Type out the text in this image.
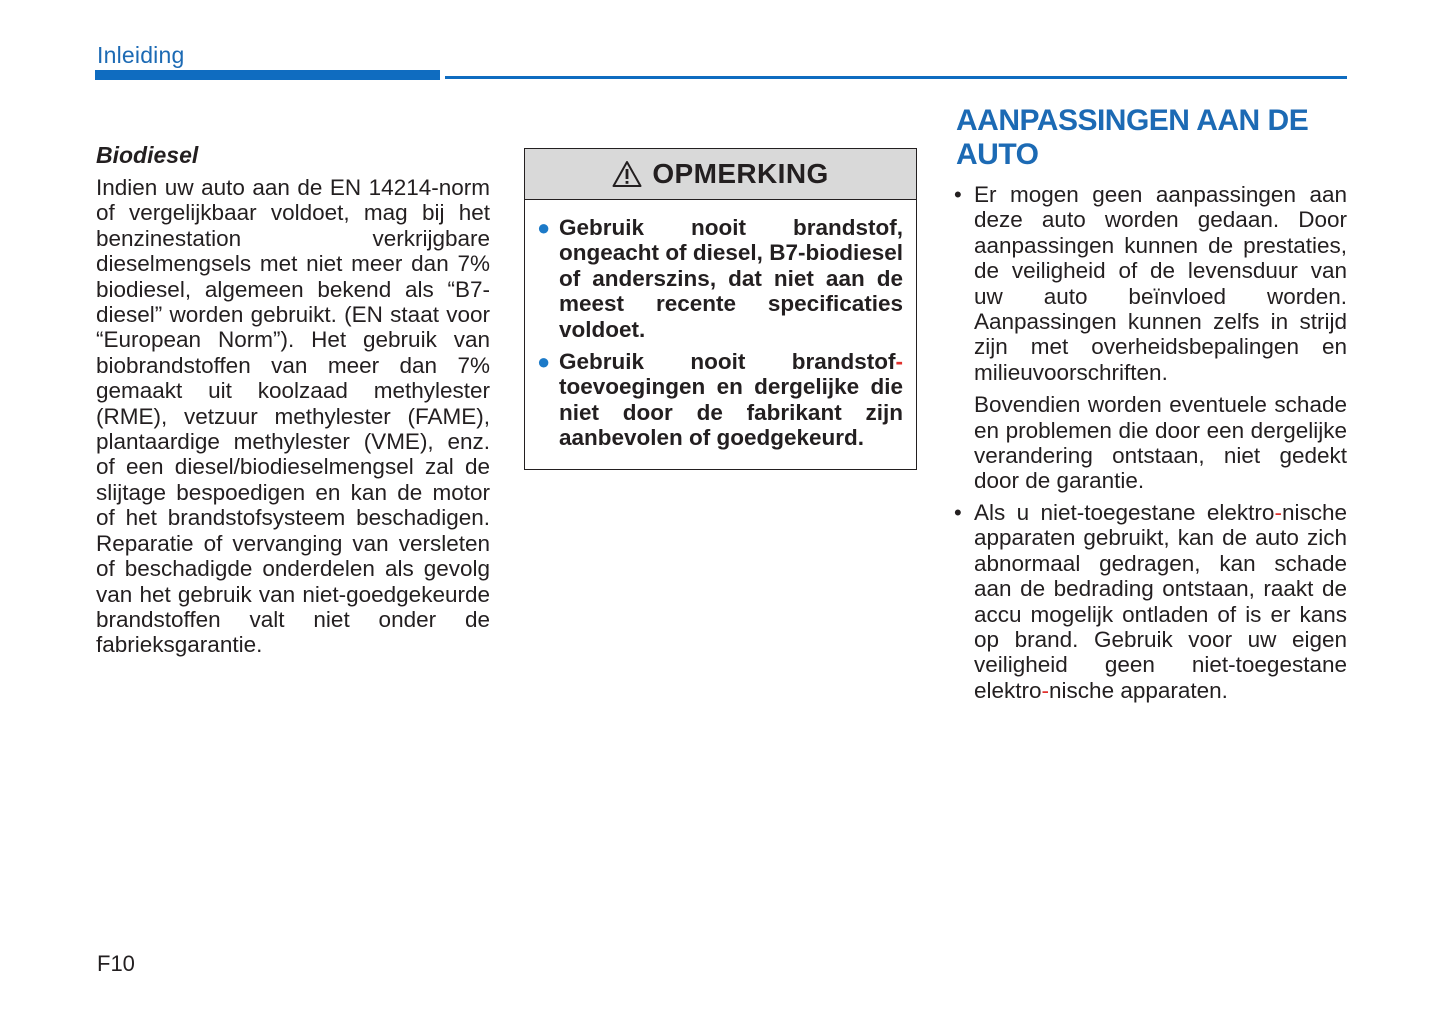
Inleiding

Biodiesel

Indien uw auto aan de EN 14214-norm of vergelijkbaar voldoet, mag bij het benzinestation verkrijgbare dieselmengsels met niet meer dan 7% biodiesel, algemeen bekend als “B7-diesel” worden gebruikt. (EN staat voor “European Norm”). Het gebruik van biobrandstoffen van meer dan 7% gemaakt uit koolzaad methylester (RME), vetzuur methylester (FAME), plantaardige methylester (VME), enz. of een diesel/biodieselmengsel zal de slijtage bespoedigen en kan de motor of het brandstofsysteem beschadigen. Reparatie of vervanging van versleten of beschadigde onderdelen als gevolg van het gebruik van niet-goedgekeurde brandstoffen valt niet onder de fabrieksgarantie.

OPMERKING
● Gebruik nooit brandstof, ongeacht of diesel, B7-biodiesel of anderszins, dat niet aan de meest recente specificaties voldoet.

● Gebruik nooit brandstof-toevoegingen en dergelijke die niet door de fabrikant zijn aanbevolen of goedgekeurd.

AANPASSINGEN AAN DE AUTO
• Er mogen geen aanpassingen aan deze auto worden gedaan. Door aanpassingen kunnen de prestaties, de veiligheid of de levensduur van uw auto beïnvloed worden. Aanpassingen kunnen zelfs in strijd zijn met overheidsbepalingen en milieuvoorschriften.

Bovendien worden eventuele schade en problemen die door een dergelijke verandering ontstaan, niet gedekt door de garantie.

• Als u niet-toegestane elektro-nische apparaten gebruikt, kan de auto zich abnormaal gedragen, kan schade aan de bedrading ontstaan, raakt de accu mogelijk ontladen of is er kans op brand. Gebruik voor uw eigen veiligheid geen niet-toegestane elektro-nische apparaten.

F10
